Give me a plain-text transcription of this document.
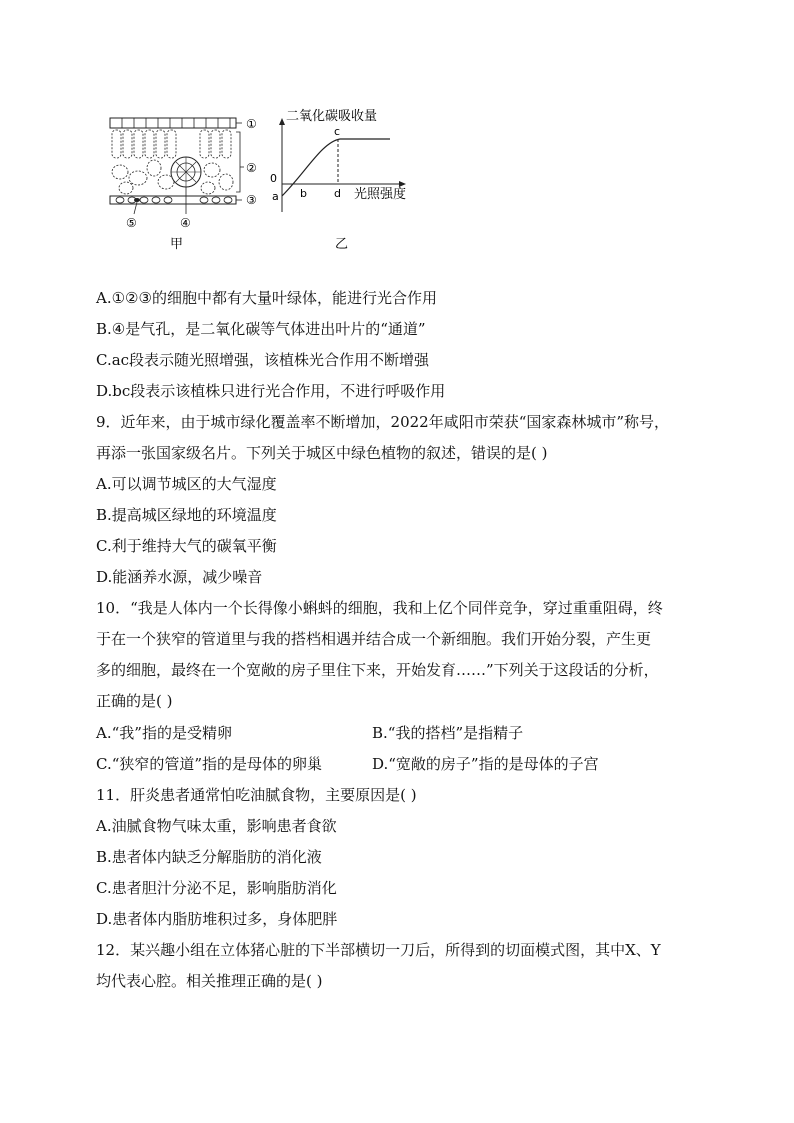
①
②
③
④
⑤
甲
二氧化碳吸收量
光照强度
0
a b
c
d
乙
A.①②③的细胞中都有大量叶绿体，能进行光合作用
B.④是气孔，是二氧化碳等气体进出叶片的“通道”
C.ac段表示随光照增强，该植株光合作用不断增强
D.bc段表示该植株只进行光合作用，不进行呼吸作用
9．近年来，由于城市绿化覆盖率不断增加，2022年咸阳市荣获“国家森林城市”称号，
再添一张国家级名片。下列关于城区中绿色植物的叙述，错误的是( )
A.可以调节城区的大气湿度
B.提高城区绿地的环境温度
C.利于维持大气的碳氧平衡
D.能涵养水源，减少噪音
10．“我是人体内一个长得像小蝌蚪的细胞，我和上亿个同伴竞争，穿过重重阻碍，终
于在一个狭窄的管道里与我的搭档相遇并结合成一个新细胞。我们开始分裂，产生更
多的细胞，最终在一个宽敞的房子里住下来，开始发育……”下列关于这段话的分析，
正确的是( )
A.“我”指的是受精卵	B.“我的搭档”是指精子
C.“狭窄的管道”指的是母体的卵巢	D.“宽敞的房子”指的是母体的子宫
11．肝炎患者通常怕吃油腻食物，主要原因是( )
A.油腻食物气味太重，影响患者食欲
B.患者体内缺乏分解脂肪的消化液
C.患者胆汁分泌不足，影响脂肪消化
D.患者体内脂肪堆积过多，身体肥胖
12．某兴趣小组在立体猪心脏的下半部横切一刀后，所得到的切面模式图，其中X、Y
均代表心腔。相关推理正确的是( )
